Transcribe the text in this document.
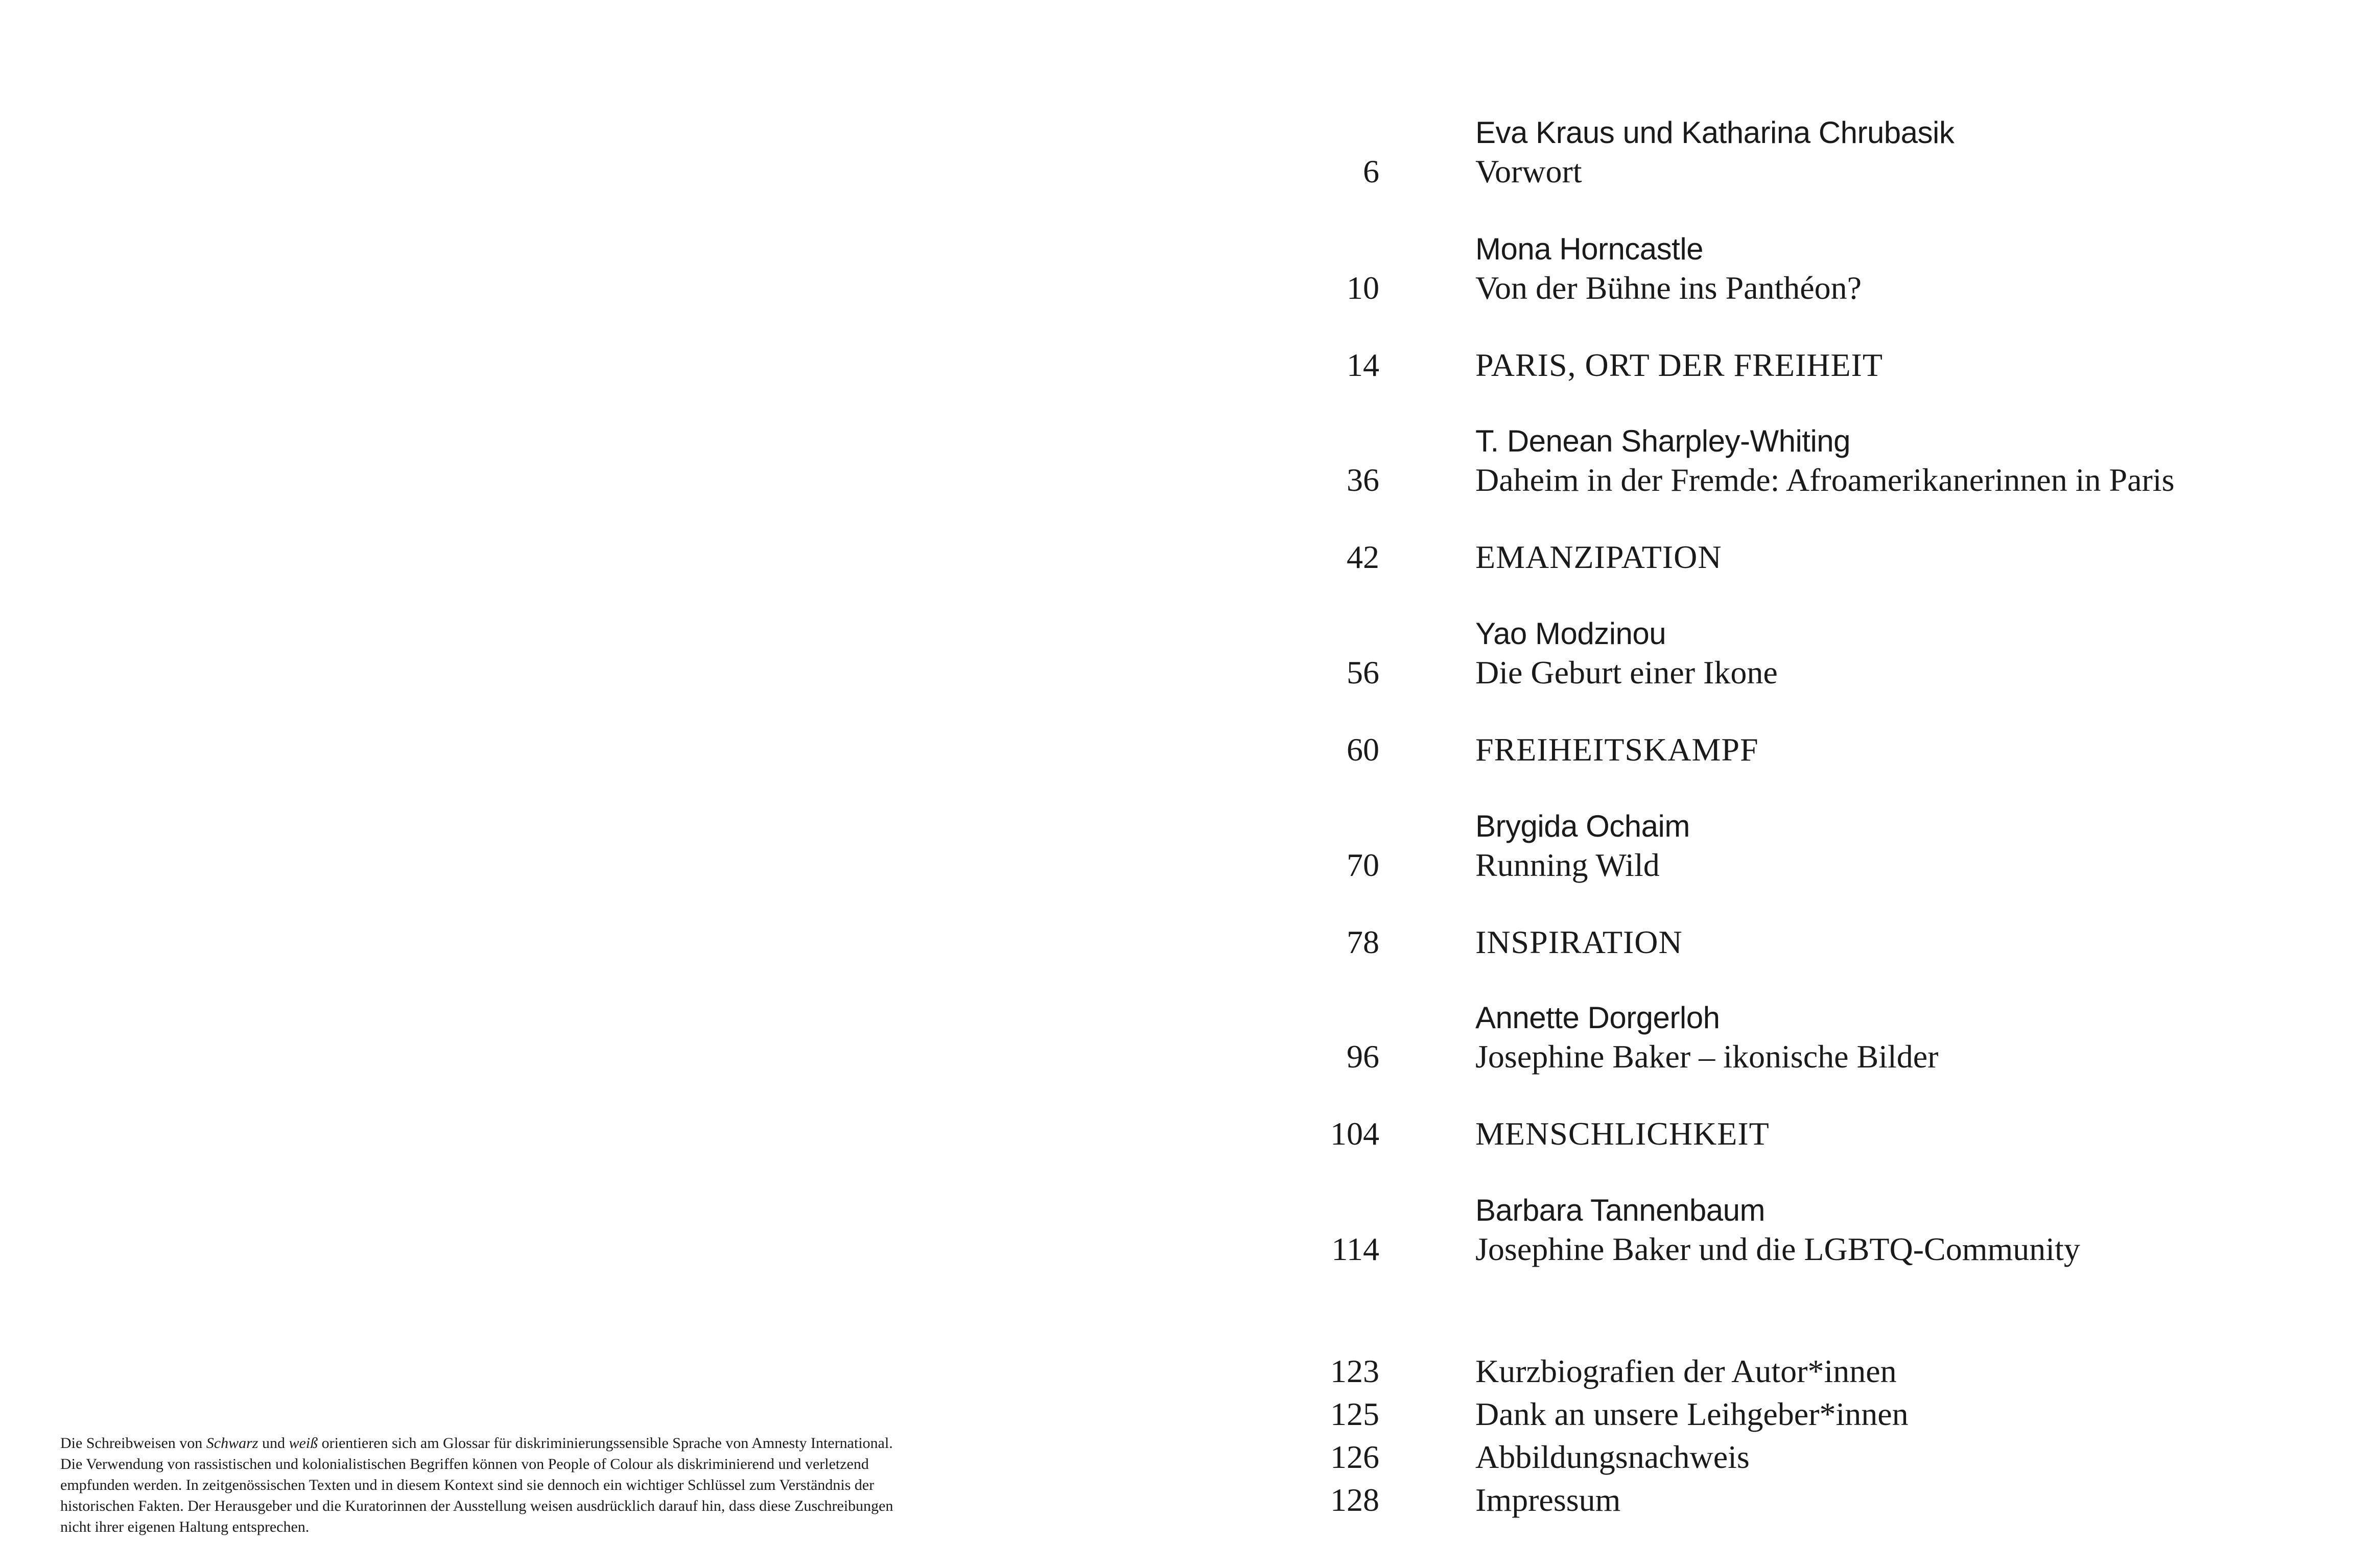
Eva Kraus und Katharina Chrubasik
6	Vorwort
Mona Horncastle
10	Von der Bühne ins Panthéon?
14	PARIS, ORT DER FREIHEIT
T. Denean Sharpley-Whiting
36	Daheim in der Fremde: Afroamerikanerinnen in Paris
42	EMANZIPATION
Yao Modzinou
56	Die Geburt einer Ikone
60	FREIHEITSKAMPF
Brygida Ochaim
70	Running Wild
78	INSPIRATION
Annette Dorgerloh
96	Josephine Baker – ikonische Bilder
104	MENSCHLICHKEIT
Barbara Tannenbaum
114	Josephine Baker und die LGBTQ-Community
123	Kurzbiografien der Autor*innen
125	Dank an unsere Leihgeber*innen
126	Abbildungsnachweis
128	Impressum
Die Schreibweisen von Schwarz und weiß orientieren sich am Glossar für diskriminierungssensible Sprache von Amnesty International.
Die Verwendung von rassistischen und kolonialistischen Begriffen können von People of Colour als diskriminierend und verletzend
empfunden werden. In zeitgenössischen Texten und in diesem Kontext sind sie dennoch ein wichtiger Schlüssel zum Verständnis der
historischen Fakten. Der Herausgeber und die Kuratorinnen der Ausstellung weisen ausdrücklich darauf hin, dass diese Zuschreibungen
nicht ihrer eigenen Haltung entsprechen.
